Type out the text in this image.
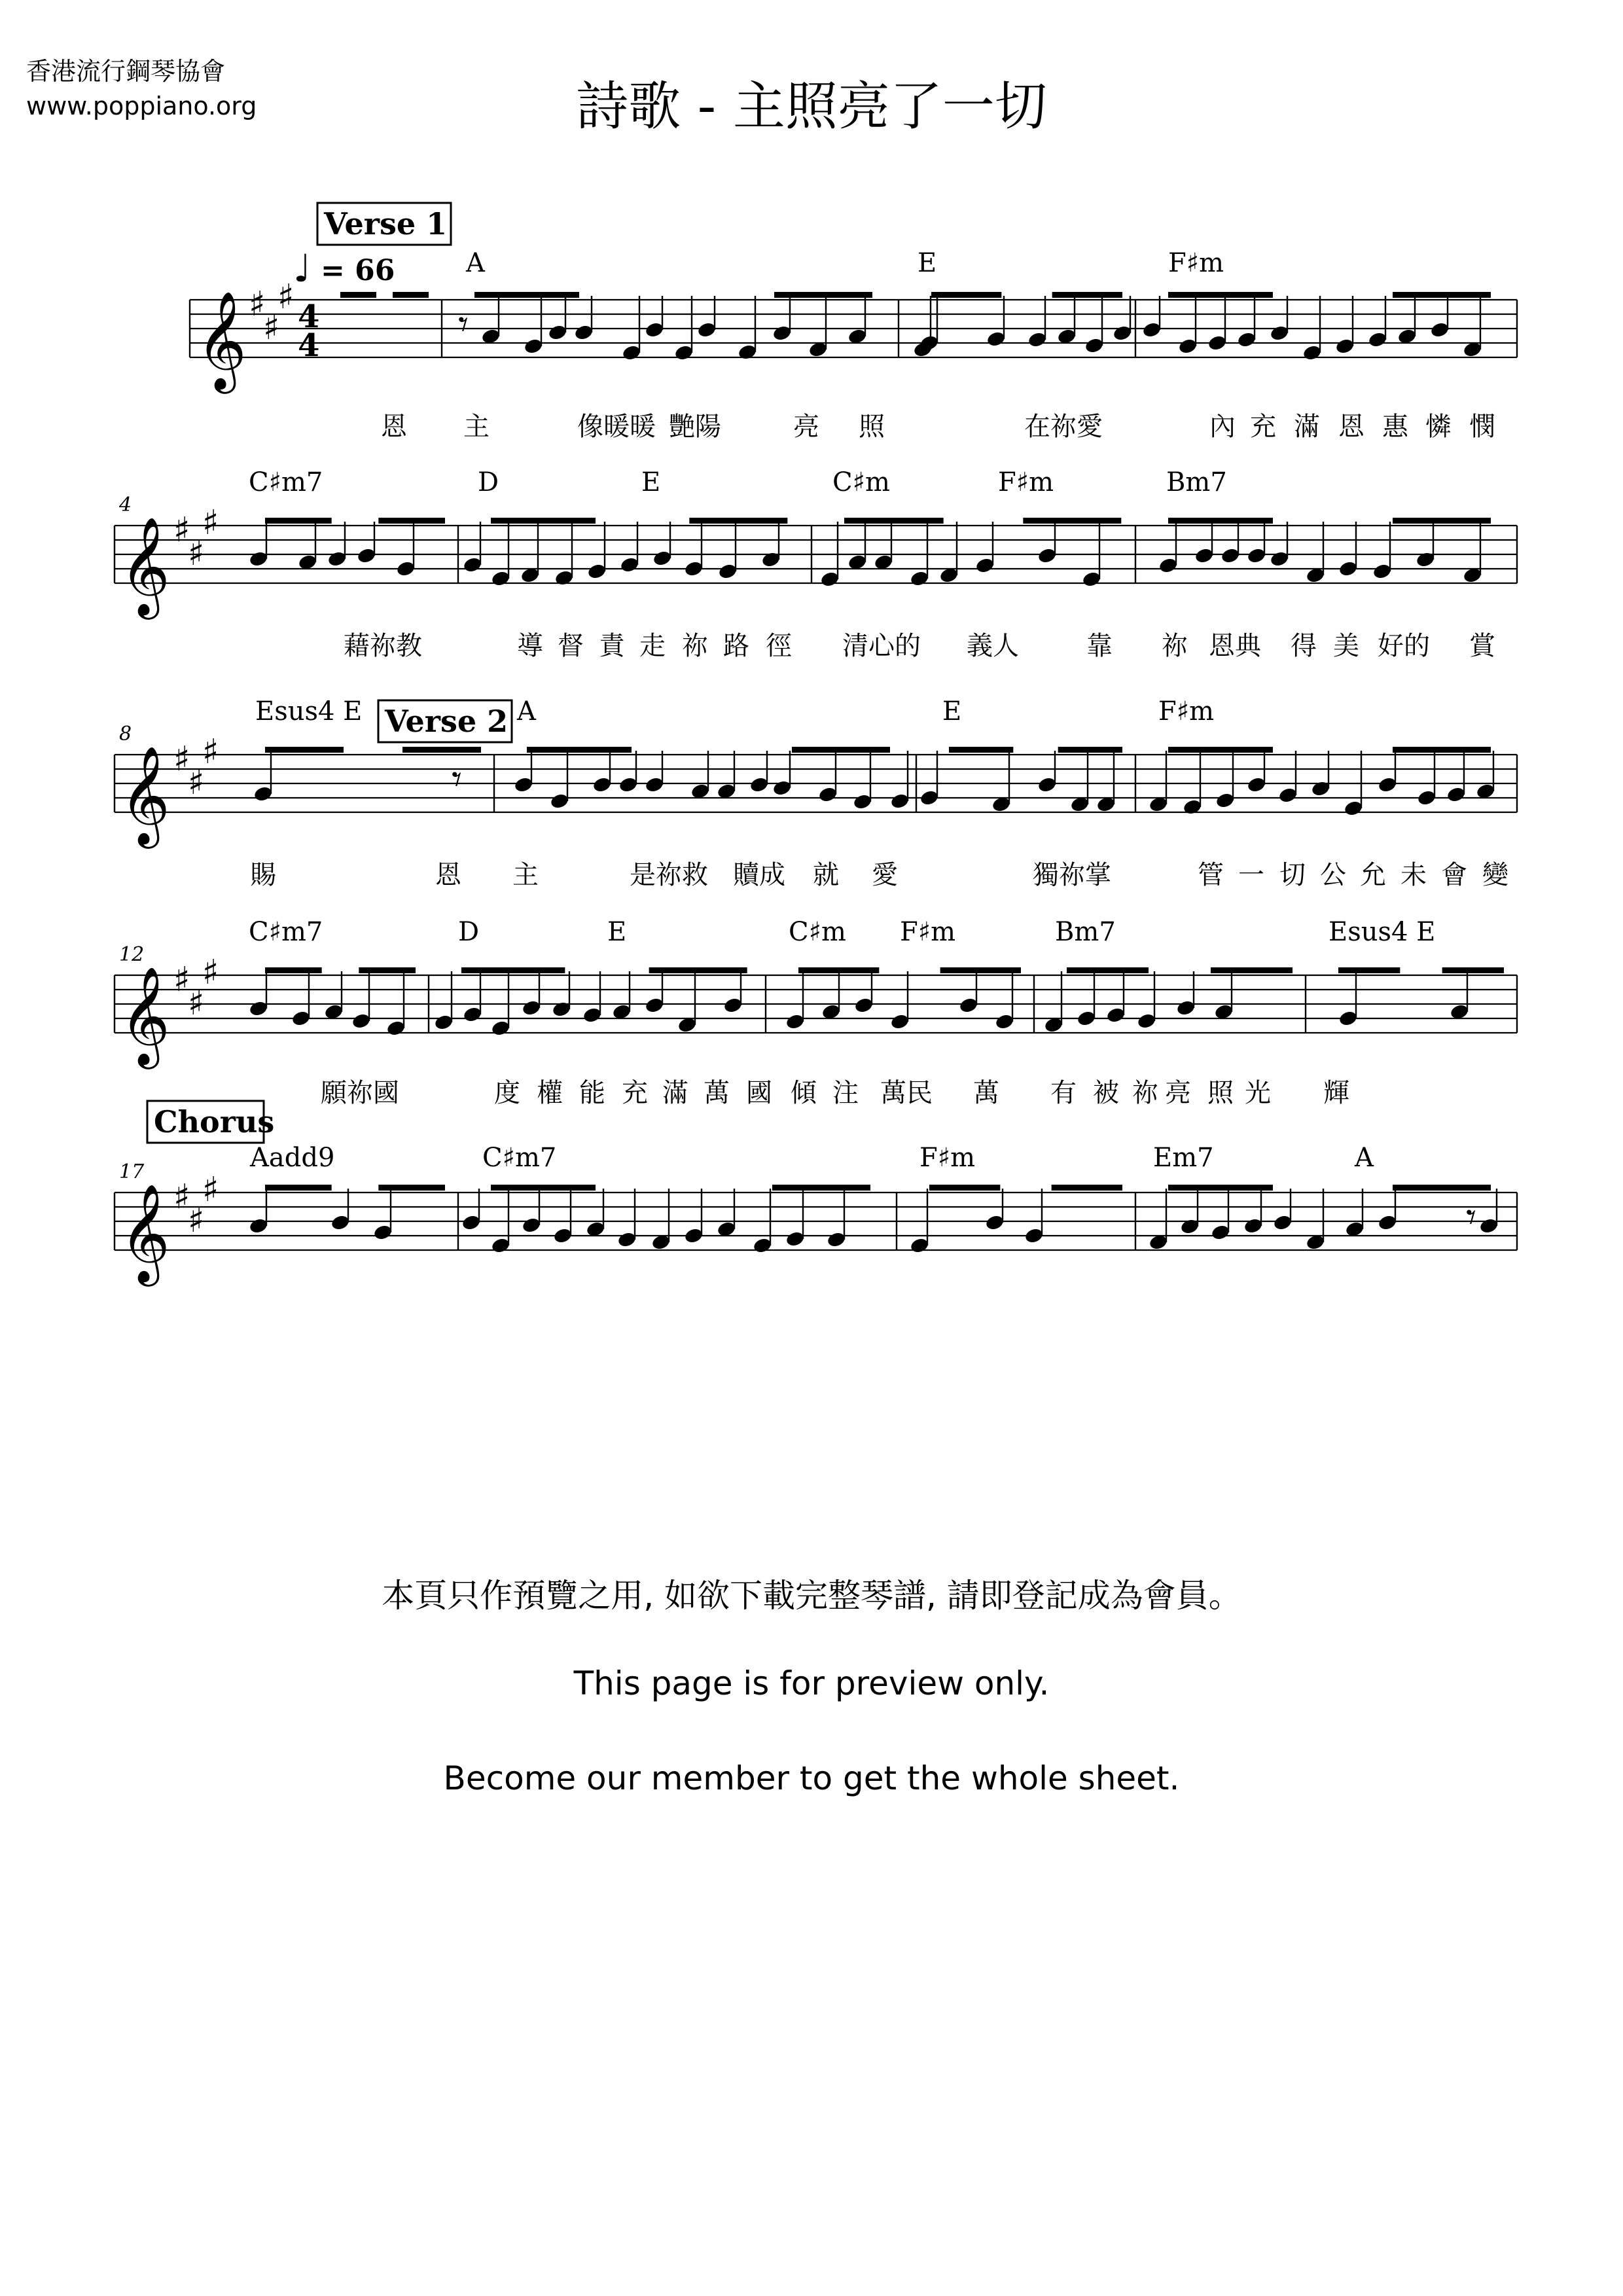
香港流行鋼琴協會
www.poppiano.org	詩歌 - 主照亮了一切
𝄞 ♯
♯
♯ 4
4
♩ = 66
Verse 1
A	E	F♯m
恩 主	像暖暖 艷陽	亮 照	在祢愛	內 充 滿 恩 惠 憐 憫
𝄾
𝄞 ♯
♯
♯
4
C♯m7	D	E	C♯m	F♯m	Bm7
藉祢教	導 督 責 走 祢 路 徑 清心的 義人	靠 祢 恩典 得 美 好的 賞
𝄞 ♯
♯
♯
8	Verse 2
Esus4 E	A	E	F♯m
賜	恩 主	是祢救 贖成 就 愛	獨祢掌	管 一 切 公 允 未 會 變
𝄾
𝄞 ♯
♯
♯
12
C♯m7	D	E	C♯m F♯m	Bm7	Esus4 E
願祢國	度 權 能 充 滿 萬 國 傾 注 萬民 萬 有 被 祢 亮 照 光 輝
𝄞 ♯
♯
♯
17
Chorus
Aadd9	C♯m7	F♯m	Em7	A
𝄾
本頁只作預覽之用, 如欲下載完整琴譜, 請即登記成為會員。
This page is for preview only.
Become our member to get the whole sheet.
